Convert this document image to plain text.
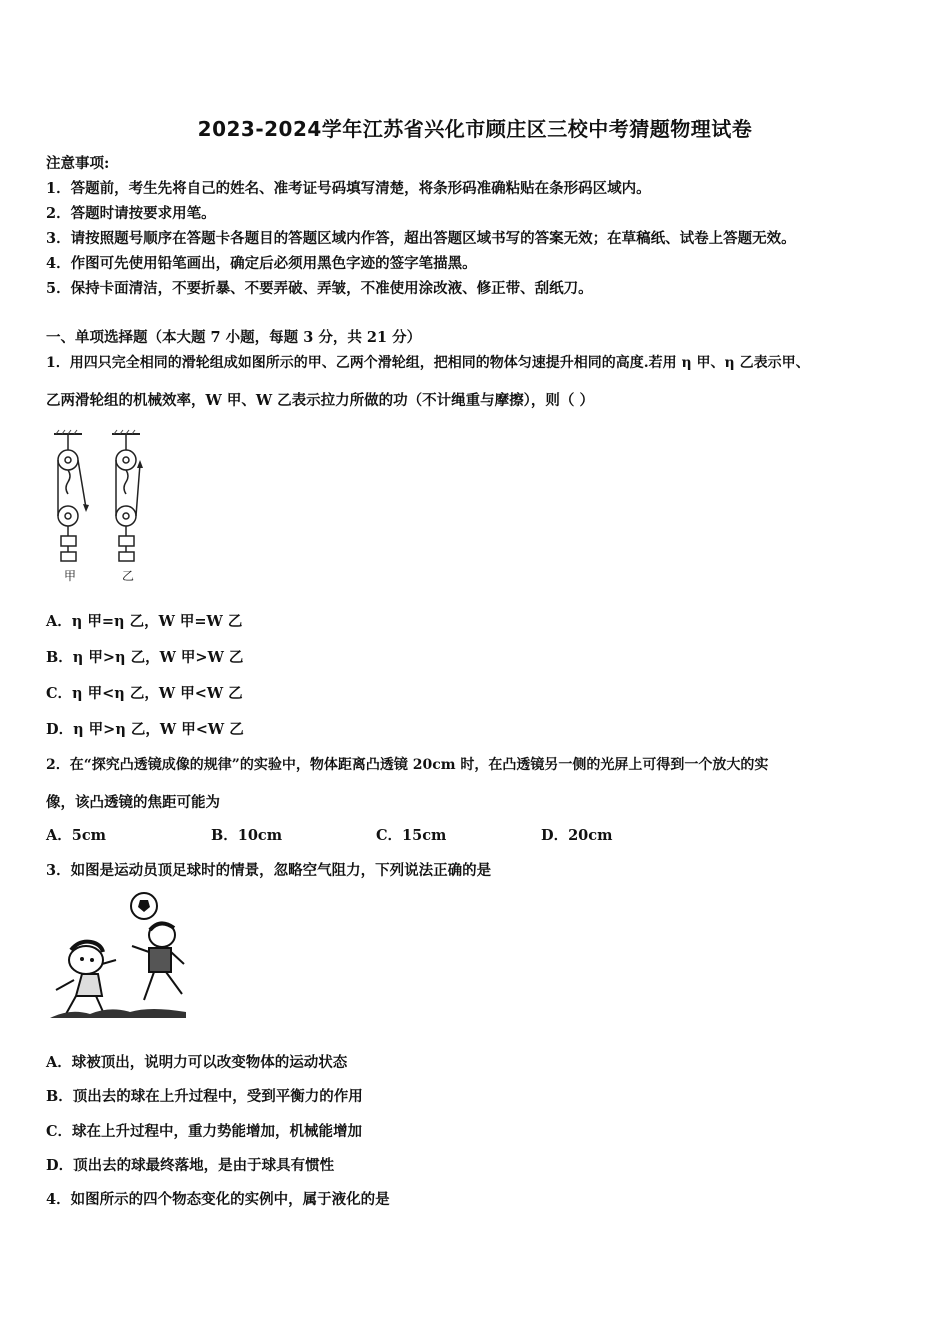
2023-2024学年江苏省兴化市顾庄区三校中考猜题物理试卷
注意事项:
1．答题前，考生先将自己的姓名、准考证号码填写清楚，将条形码准确粘贴在条形码区域内。
2．答题时请按要求用笔。
3．请按照题号顺序在答题卡各题目的答题区域内作答，超出答题区域书写的答案无效；在草稿纸、试卷上答题无效。
4．作图可先使用铅笔画出，确定后必须用黑色字迹的签字笔描黑。
5．保持卡面清洁，不要折暴、不要弄破、弄皱，不准使用涂改液、修正带、刮纸刀。
一、单项选择题（本大题 7 小题，每题 3 分，共 21 分）
1．用四只完全相同的滑轮组成如图所示的甲、乙两个滑轮组，把相同的物体匀速提升相同的高度.若用 η 甲、η 乙表示甲、
乙两滑轮组的机械效率，W 甲、W 乙表示拉力所做的功（不计绳重与摩擦），则（ ）
甲	乙
A．η 甲=η 乙，W 甲=W 乙
B．η 甲>η 乙，W 甲>W 乙
C．η 甲<η 乙，W 甲<W 乙
D．η 甲>η 乙，W 甲<W 乙
2．在“探究凸透镜成像的规律”的实验中，物体距离凸透镜 20cm 时，在凸透镜另一侧的光屏上可得到一个放大的实
像，该凸透镜的焦距可能为
A．5cm	B．10cm	C．15cm	D．20cm
3．如图是运动员顶足球时的情景，忽略空气阻力，下列说法正确的是
A．球被顶出，说明力可以改变物体的运动状态
B．顶出去的球在上升过程中，受到平衡力的作用
C．球在上升过程中，重力势能增加，机械能增加
D．顶出去的球最终落地，是由于球具有惯性
4．如图所示的四个物态变化的实例中，属于液化的是
